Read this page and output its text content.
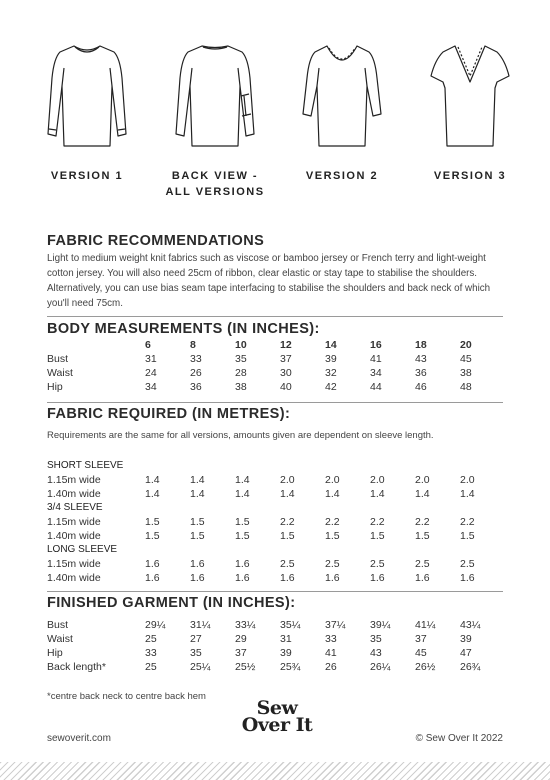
VERSION 1	BACK VIEW -
ALL VERSIONS
VERSION 2	VERSION 3
FABRIC RECOMMENDATIONS

Light to medium weight knit fabrics such as viscose or bamboo jersey or French terry and light-weight cotton jersey. You will also need 25cm of ribbon, clear elastic or stay tape to stabilise the shoulders. Alternatively, you can use bias seam tape interfacing to stabilise the shoulders and back neck of which you'll need 75cm.

BODY MEASUREMENTS (IN INCHES):
	6	8	10	12	14	16	18	20
Bust	31	33	35	37	39	41	43	45
Waist	24	26	28	30	32	34	36	38
Hip	34	36	38	40	42	44	46	48
FABRIC REQUIRED (IN METRES):
Requirements are the same for all versions, amounts given are dependent on sleeve length.
SHORT SLEEVE								
1.15m wide	1.4	1.4	1.4	2.0	2.0	2.0	2.0	2.0
1.40m wide	1.4	1.4	1.4	1.4	1.4	1.4	1.4	1.4
3/4 SLEEVE								
1.15m wide	1.5	1.5	1.5	2.2	2.2	2.2	2.2	2.2
1.40m wide	1.5	1.5	1.5	1.5	1.5	1.5	1.5	1.5
LONG SLEEVE								
1.15m wide	1.6	1.6	1.6	2.5	2.5	2.5	2.5	2.5
1.40m wide	1.6	1.6	1.6	1.6	1.6	1.6	1.6	1.6
FINISHED GARMENT (IN INCHES):
Bust	29¼	31¼	33¼	35¼	37¼	39¼	41¼	43¼
Waist	25	27	29	31	33	35	37	39
Hip	33	35	37	39	41	43	45	47
Back length*	25	25¼	25½	25¾	26	26¼	26½	26¾
*centre back neck to centre back hem
Sew
Over It
sewoverit.com	© Sew Over It 2022
